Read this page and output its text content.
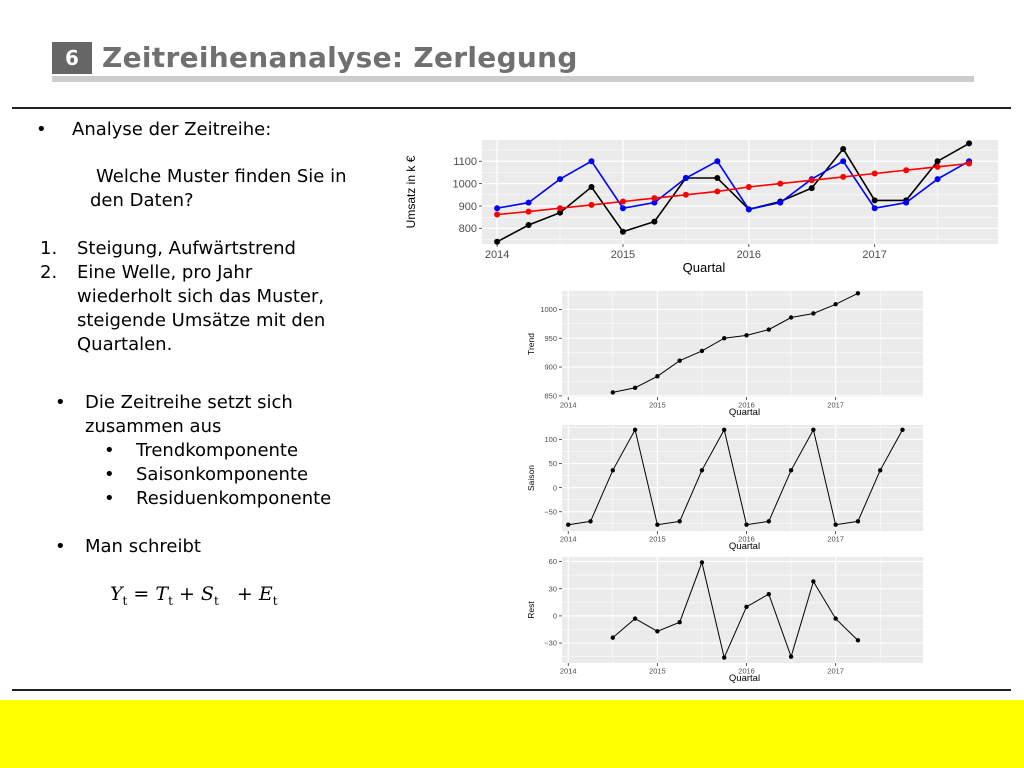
6 Zeitreihenanalyse: Zerlegung
• Analyse der Zeitreihe:
Welche Muster finden Sie in
den Daten?
1. Steigung, Aufwärtstrend
2. Eine Welle, pro Jahr
wiederholt sich das Muster,
steigende Umsätze mit den
Quartalen.
• Die Zeitreihe setzt sich
zusammen aus
• Trendkomponente
• Saisonkomponente
• Residuenkomponente
• Man schreibt
$Y_t = T_t + S_t + E_t$
800
900
1000
1100
2014	2015	2016	2017
Quartal
Umsatz in k €
850
900
950
1000
2014	2015	2016	2017
Quartal
Trend
100
50
0
−50
2014	2015	2016	2017
Quartal
Saison
60
30
0
−30
2014	2015	2016	2017
Quartal
Rest
